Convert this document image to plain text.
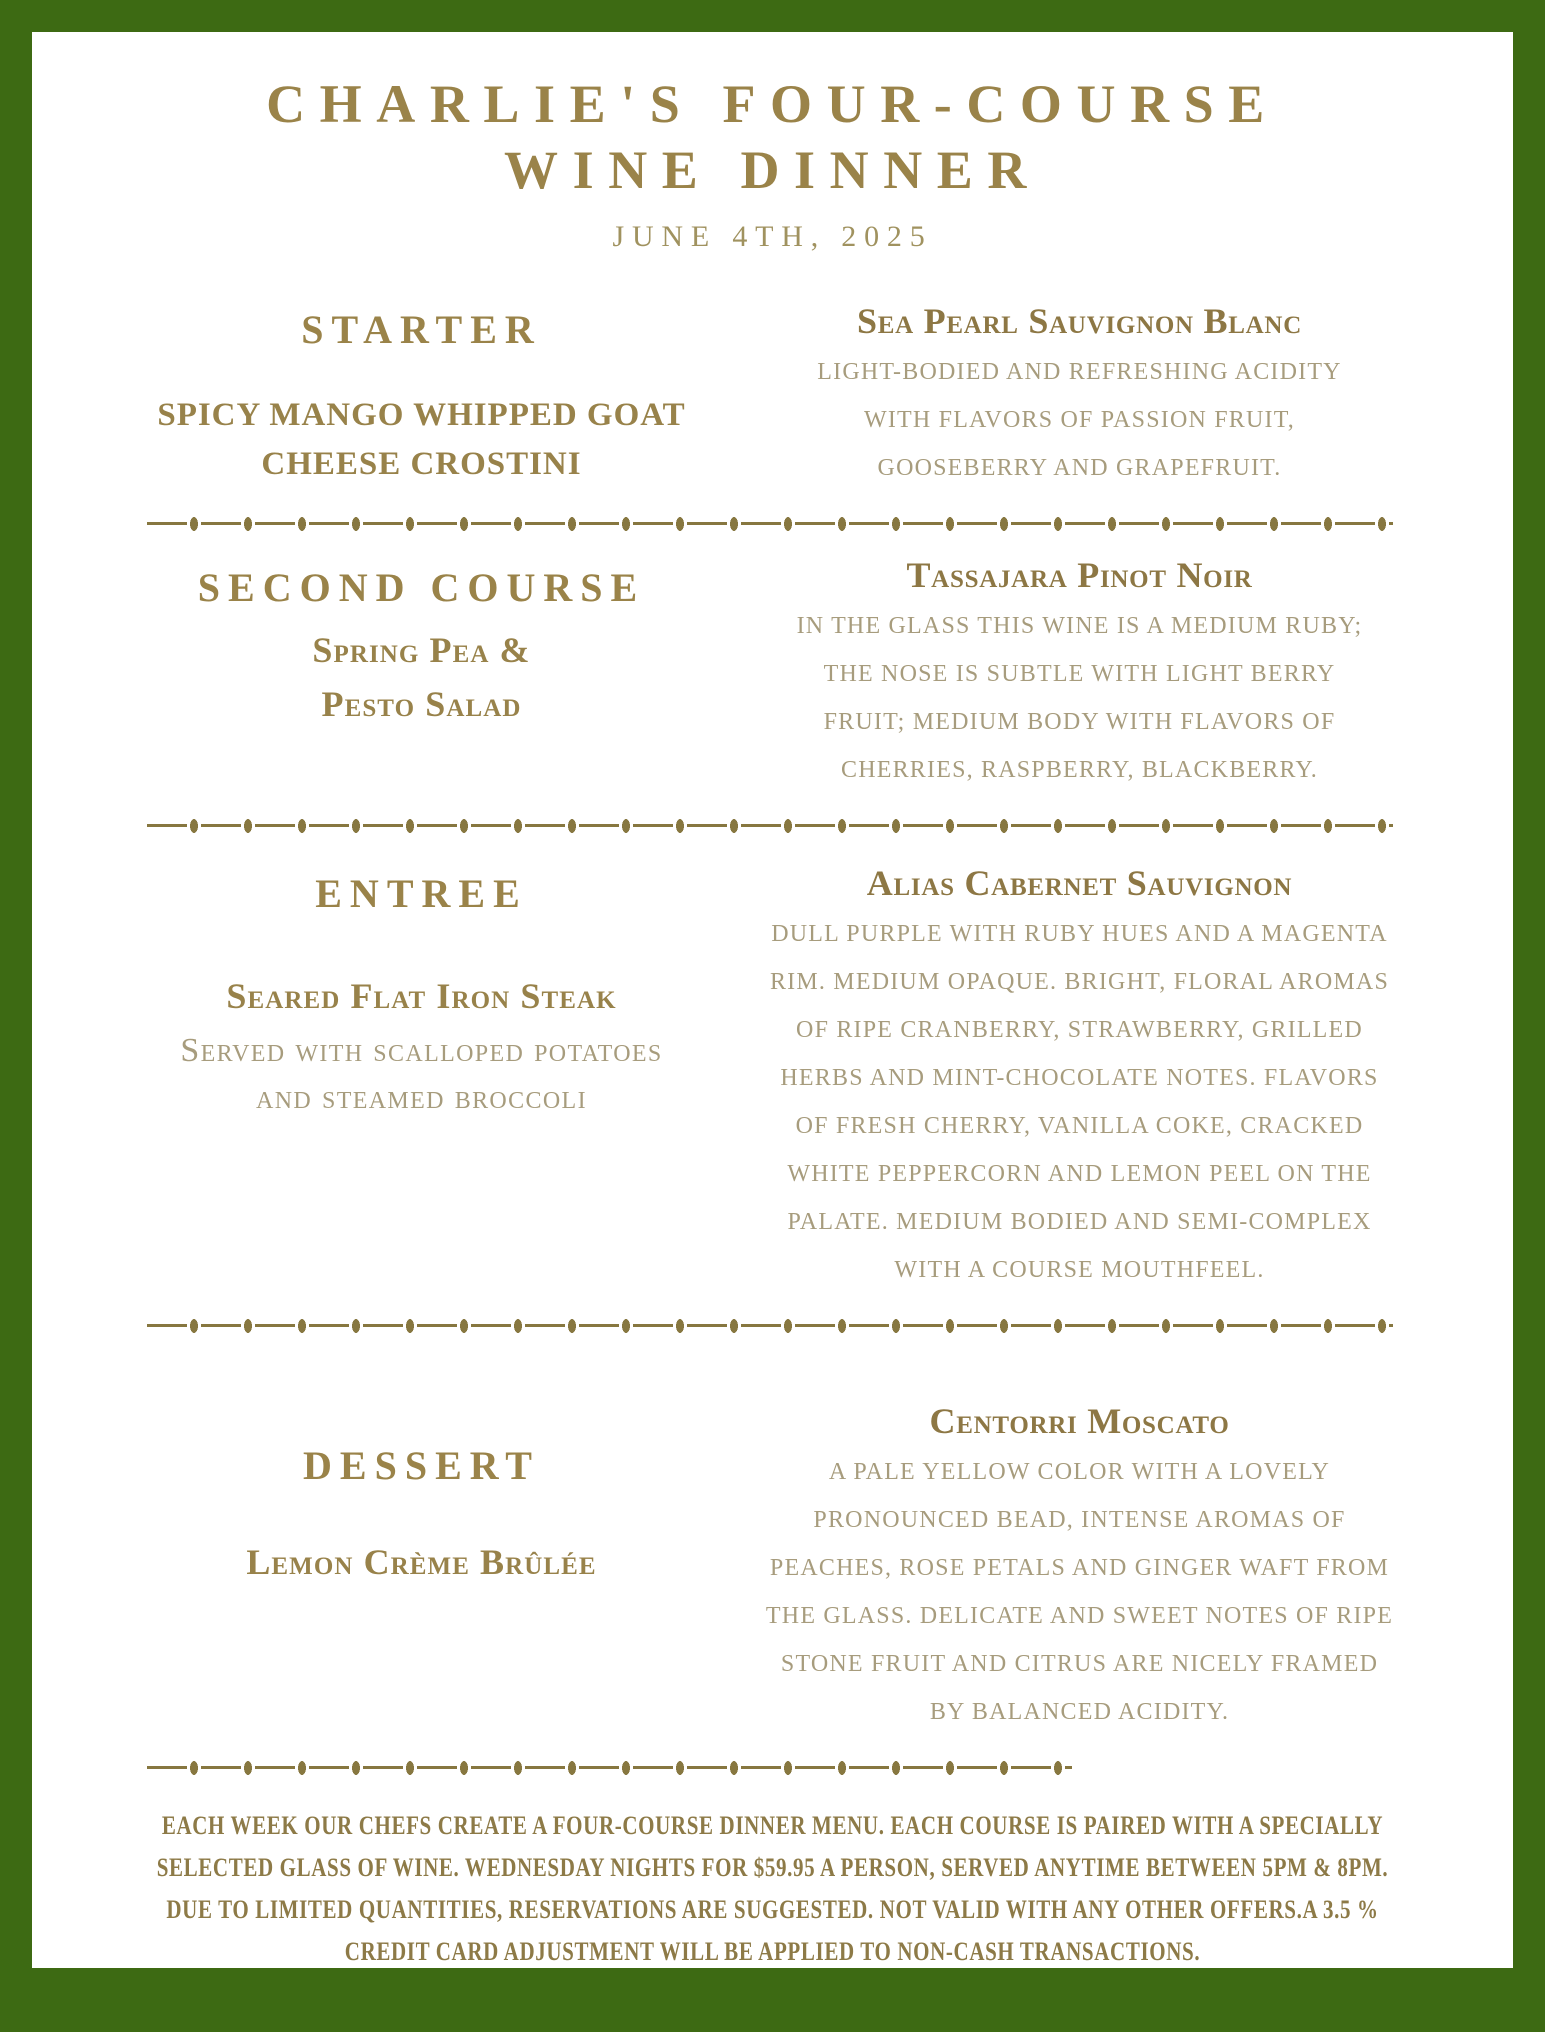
CHARLIE'S FOUR-COURSE
WINE DINNER
JUNE 4TH, 2025
STARTER
SPICY MANGO WHIPPED GOAT
CHEESE CROSTINI
Sea Pearl Sauvignon Blanc
LIGHT-BODIED AND REFRESHING ACIDITY
WITH FLAVORS OF PASSION FRUIT,
GOOSEBERRY AND GRAPEFRUIT.
SECOND COURSE
Spring Pea &
Pesto Salad
Tassajara Pinot Noir
IN THE GLASS THIS WINE IS A MEDIUM RUBY;
THE NOSE IS SUBTLE WITH LIGHT BERRY
FRUIT; MEDIUM BODY WITH FLAVORS OF
CHERRIES, RASPBERRY, BLACKBERRY.
ENTREE
Seared Flat Iron Steak
Served with scalloped potatoes
and steamed broccoli
Alias Cabernet Sauvignon
DULL PURPLE WITH RUBY HUES AND A MAGENTA
RIM. MEDIUM OPAQUE. BRIGHT, FLORAL AROMAS
OF RIPE CRANBERRY, STRAWBERRY, GRILLED
HERBS AND MINT-CHOCOLATE NOTES. FLAVORS
OF FRESH CHERRY, VANILLA COKE, CRACKED
WHITE PEPPERCORN AND LEMON PEEL ON THE
PALATE. MEDIUM BODIED AND SEMI-COMPLEX
WITH A COURSE MOUTHFEEL.
DESSERT
Lemon Crème Brûlée
Centorri Moscato
A PALE YELLOW COLOR WITH A LOVELY
PRONOUNCED BEAD, INTENSE AROMAS OF
PEACHES, ROSE PETALS AND GINGER WAFT FROM
THE GLASS. DELICATE AND SWEET NOTES OF RIPE
STONE FRUIT AND CITRUS ARE NICELY FRAMED
BY BALANCED ACIDITY.
EACH WEEK OUR CHEFS CREATE A FOUR-COURSE DINNER MENU. EACH COURSE IS PAIRED WITH A SPECIALLY
SELECTED GLASS OF WINE. WEDNESDAY NIGHTS FOR $59.95 A PERSON, SERVED ANYTIME BETWEEN 5PM & 8PM.
DUE TO LIMITED QUANTITIES, RESERVATIONS ARE SUGGESTED. NOT VALID WITH ANY OTHER OFFERS.A 3.5 %
CREDIT CARD ADJUSTMENT WILL BE APPLIED TO NON-CASH TRANSACTIONS.
